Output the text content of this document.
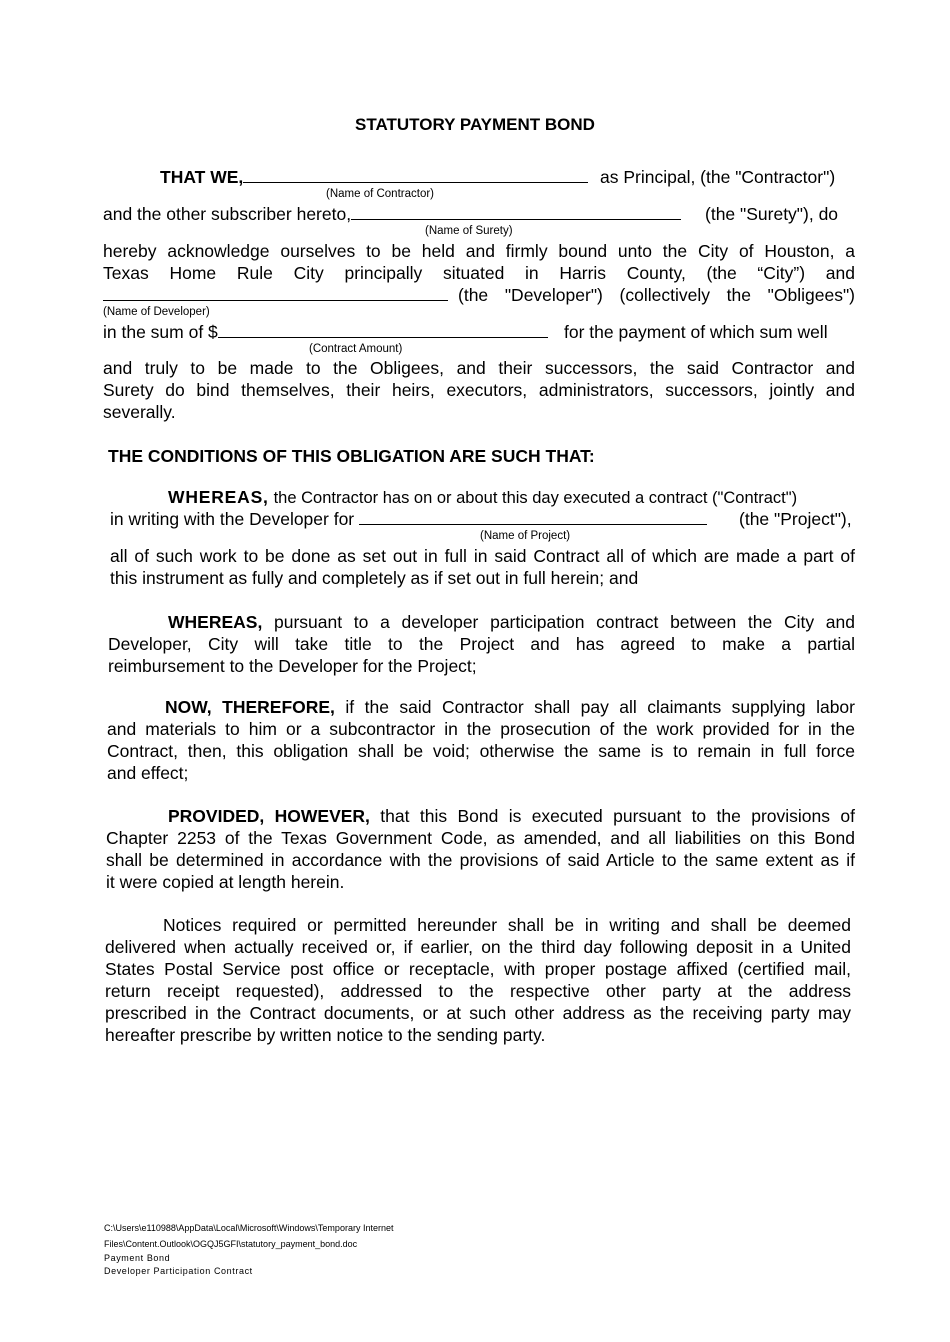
STATUTORY PAYMENT BOND
THAT WE,	as Principal, (the "Contractor")
(Name of Contractor)
and the other subscriber hereto,	(the "Surety"), do
(Name of Surety)
hereby acknowledge ourselves to be held and firmly bound unto the City of Houston, a
Texas Home Rule City principally situated in Harris County, (the “City”) and
(the "Developer") (collectively the "Obligees")
(Name of Developer)
in the sum of $	for the payment of which sum well
(Contract Amount)
and truly to be made to the Obligees, and their successors, the said Contractor and
Surety do bind themselves, their heirs, executors, administrators, successors, jointly and
severally.
THE CONDITIONS OF THIS OBLIGATION ARE SUCH THAT:
WHEREAS, the Contractor has on or about this day executed a contract ("Contract")
in writing with the Developer for	(the "Project"),
(Name of Project)
all of such work to be done as set out in full in said Contract all of which are made a part of
this instrument as fully and completely as if set out in full herein; and
WHEREAS, pursuant to a developer participation contract between the City and
Developer, City will take title to the Project and has agreed to make a partial
reimbursement to the Developer for the Project;
NOW, THEREFORE, if the said Contractor shall pay all claimants supplying labor
and materials to him or a subcontractor in the prosecution of the work provided for in the
Contract, then, this obligation shall be void; otherwise the same is to remain in full force
and effect;
PROVIDED, HOWEVER, that this Bond is executed pursuant to the provisions of
Chapter 2253 of the Texas Government Code, as amended, and all liabilities on this Bond
shall be determined in accordance with the provisions of said Article to the same extent as if
it were copied at length herein.
Notices required or permitted hereunder shall be in writing and shall be deemed
delivered when actually received or, if earlier, on the third day following deposit in a United
States Postal Service post office or receptacle, with proper postage affixed (certified mail,
return receipt requested), addressed to the respective other party at the address
prescribed in the Contract documents, or at such other address as the receiving party may
hereafter prescribe by written notice to the sending party.
C:\Users\e110988\AppData\Local\Microsoft\Windows\Temporary Internet
Files\Content.Outlook\OGQJ5GFI\statutory_payment_bond.doc
Payment Bond
Developer Participation Contract
